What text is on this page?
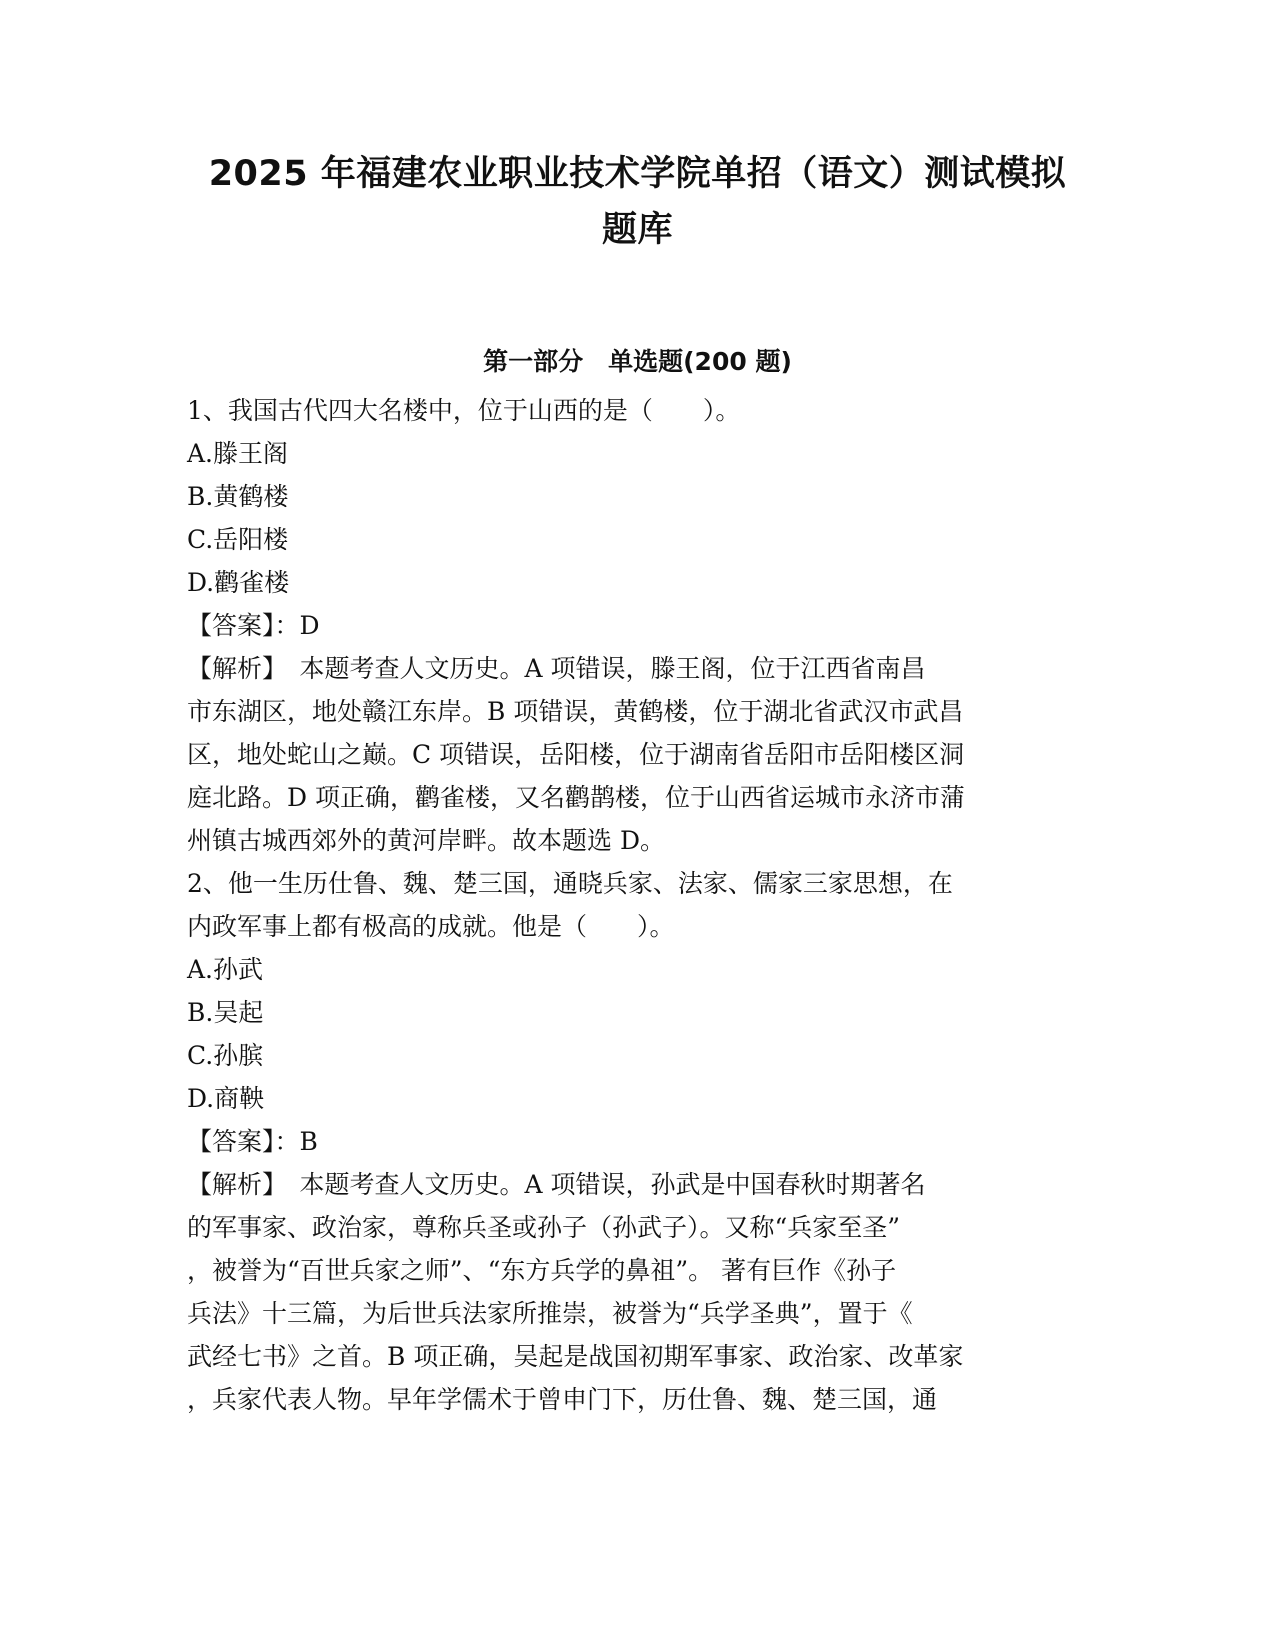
2025 年福建农业职业技术学院单招（语文）测试模拟
题库
第一部分　单选题(200 题)
1、我国古代四大名楼中，位于山西的是（　　）。
A.滕王阁
B.黄鹤楼
C.岳阳楼
D.鹳雀楼
【答案】：D
【解析】　本题考查人文历史。A 项错误，滕王阁，位于江西省南昌
市东湖区，地处赣江东岸。B 项错误，黄鹤楼，位于湖北省武汉市武昌
区，地处蛇山之巅。C 项错误，岳阳楼，位于湖南省岳阳市岳阳楼区洞
庭北路。D 项正确，鹳雀楼，又名鹳鹊楼，位于山西省运城市永济市蒲
州镇古城西郊外的黄河岸畔。故本题选 D。
2、他一生历仕鲁、魏、楚三国，通晓兵家、法家、儒家三家思想，在
内政军事上都有极高的成就。他是（　　）。
A.孙武
B.吴起
C.孙膑
D.商鞅
【答案】：B
【解析】　本题考查人文历史。A 项错误，孙武是中国春秋时期著名
的军事家、政治家，尊称兵圣或孙子（孙武子）。又称“兵家至圣”
，被誉为“百世兵家之师”、“东方兵学的鼻祖”。 著有巨作《孙子
兵法》十三篇，为后世兵法家所推崇，被誉为“兵学圣典”，置于《
武经七书》之首。B 项正确，吴起是战国初期军事家、政治家、改革家
，兵家代表人物。早年学儒术于曾申门下，历仕鲁、魏、楚三国，通
